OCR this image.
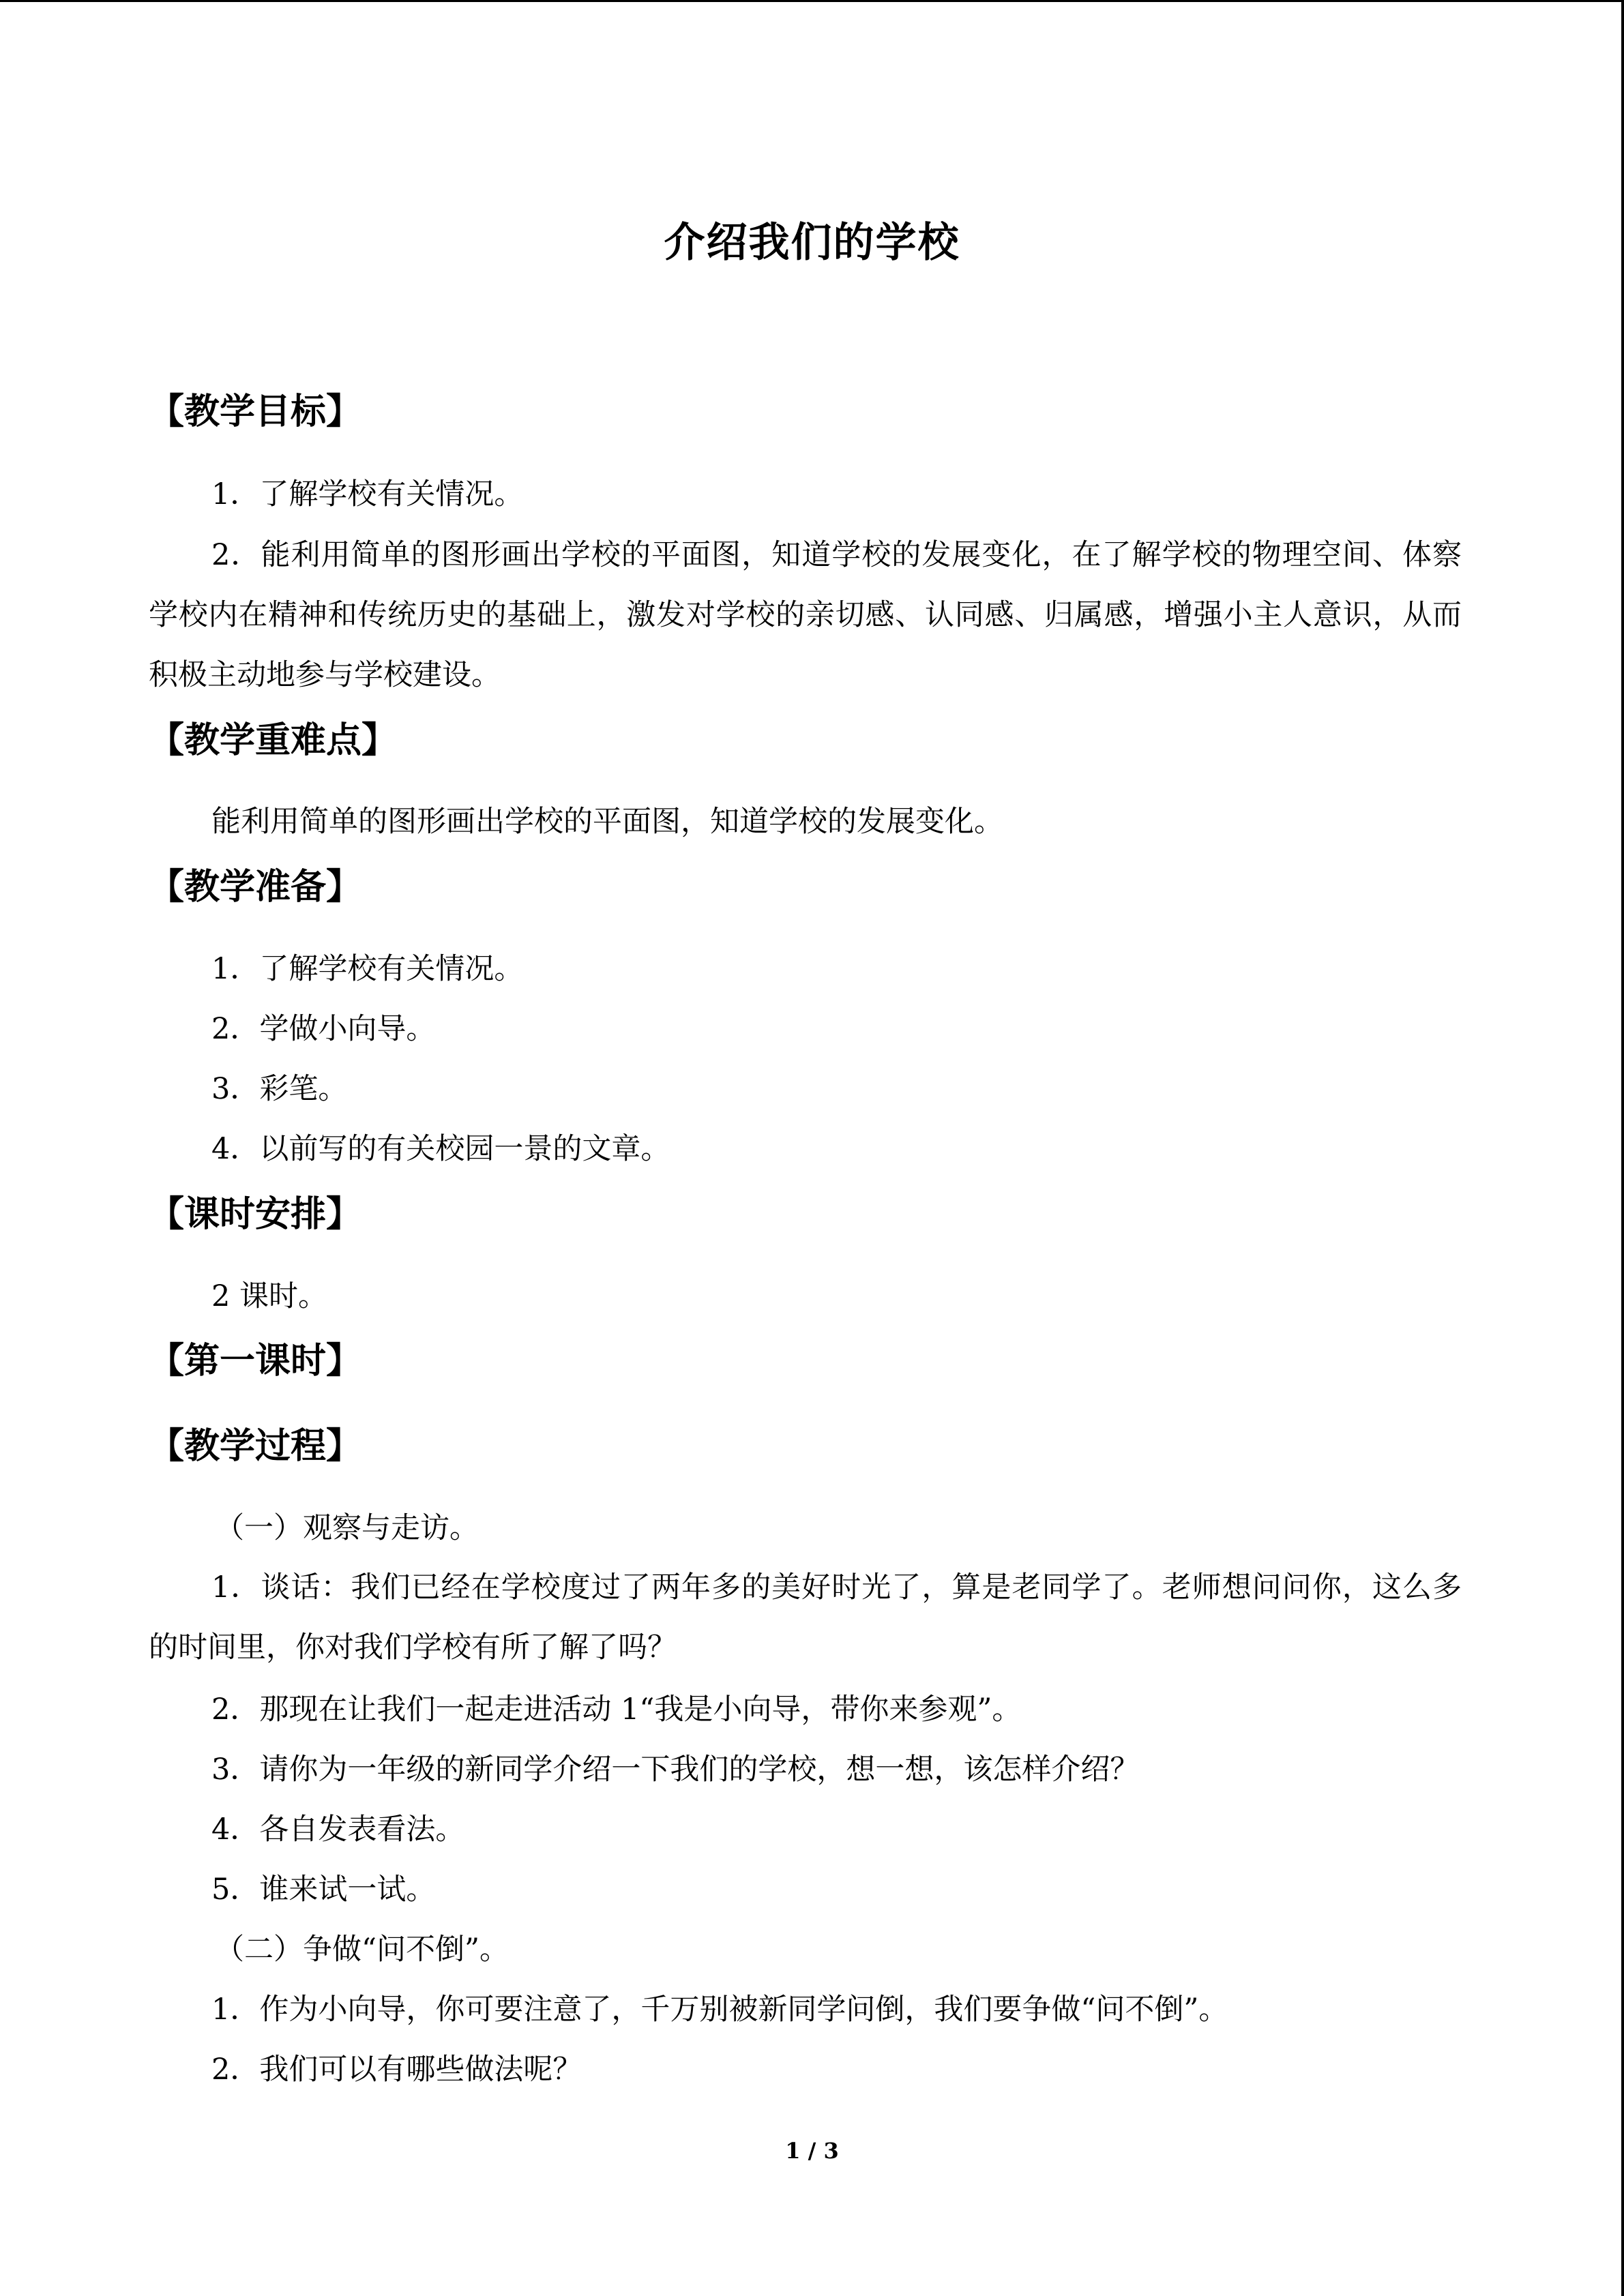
介绍我们的学校
【教学目标】
1．了解学校有关情况。
2．能利用简单的图形画出学校的平面图，知道学校的发展变化，在了解学校的物理空间、体察学校内在精神和传统历史的基础上，激发对学校的亲切感、认同感、归属感，增强小主人意识，从而积极主动地参与学校建设。
【教学重难点】
能利用简单的图形画出学校的平面图，知道学校的发展变化。
【教学准备】
1．了解学校有关情况。
2．学做小向导。
3．彩笔。
4．以前写的有关校园一景的文章。
【课时安排】
2 课时。
【第一课时】
【教学过程】
（一）观察与走访。
1．谈话：我们已经在学校度过了两年多的美好时光了，算是老同学了。老师想问问你，这么多的时间里，你对我们学校有所了解了吗？
2．那现在让我们一起走进活动 1“我是小向导，带你来参观”。
3．请你为一年级的新同学介绍一下我们的学校，想一想，该怎样介绍？
4．各自发表看法。
5．谁来试一试。
（二）争做“问不倒”。
1．作为小向导，你可要注意了，千万别被新同学问倒，我们要争做“问不倒”。
2．我们可以有哪些做法呢？
1 / 3
